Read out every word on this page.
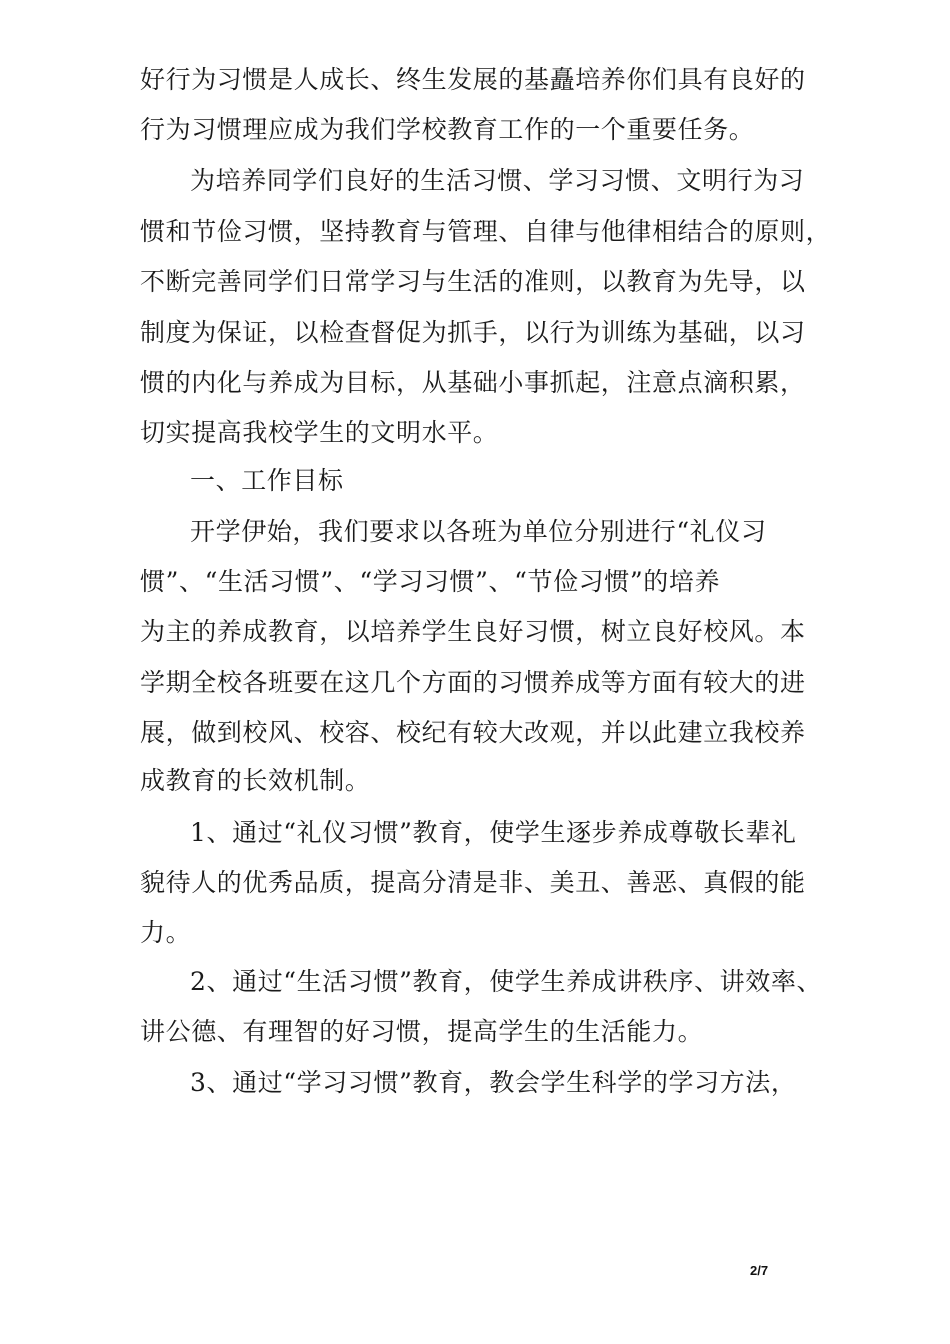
好行为习惯是人成长、终生发展的基矗培养你们具有良好的
行为习惯理应成为我们学校教育工作的一个重要任务。
为培养同学们良好的生活习惯、学习习惯、文明行为习
惯和节俭习惯，坚持教育与管理、自律与他律相结合的原则，
不断完善同学们日常学习与生活的准则，以教育为先导，以
制度为保证，以检查督促为抓手，以行为训练为基础，以习
惯的内化与养成为目标，从基础小事抓起，注意点滴积累，
切实提高我校学生的文明水平。
一、工作目标
开学伊始，我们要求以各班为单位分别进行“礼仪习
惯”、“生活习惯”、“学习习惯”、“节俭习惯”的培养
为主的养成教育，以培养学生良好习惯，树立良好校风。本
学期全校各班要在这几个方面的习惯养成等方面有较大的进
展，做到校风、校容、校纪有较大改观，并以此建立我校养
成教育的长效机制。
1、通过“礼仪习惯”教育，使学生逐步养成尊敬长辈礼
貌待人的优秀品质，提高分清是非、美丑、善恶、真假的能
力。
2、通过“生活习惯”教育，使学生养成讲秩序、讲效率、
讲公德、有理智的好习惯，提高学生的生活能力。
3、通过“学习习惯”教育，教会学生科学的学习方法，
2/7
